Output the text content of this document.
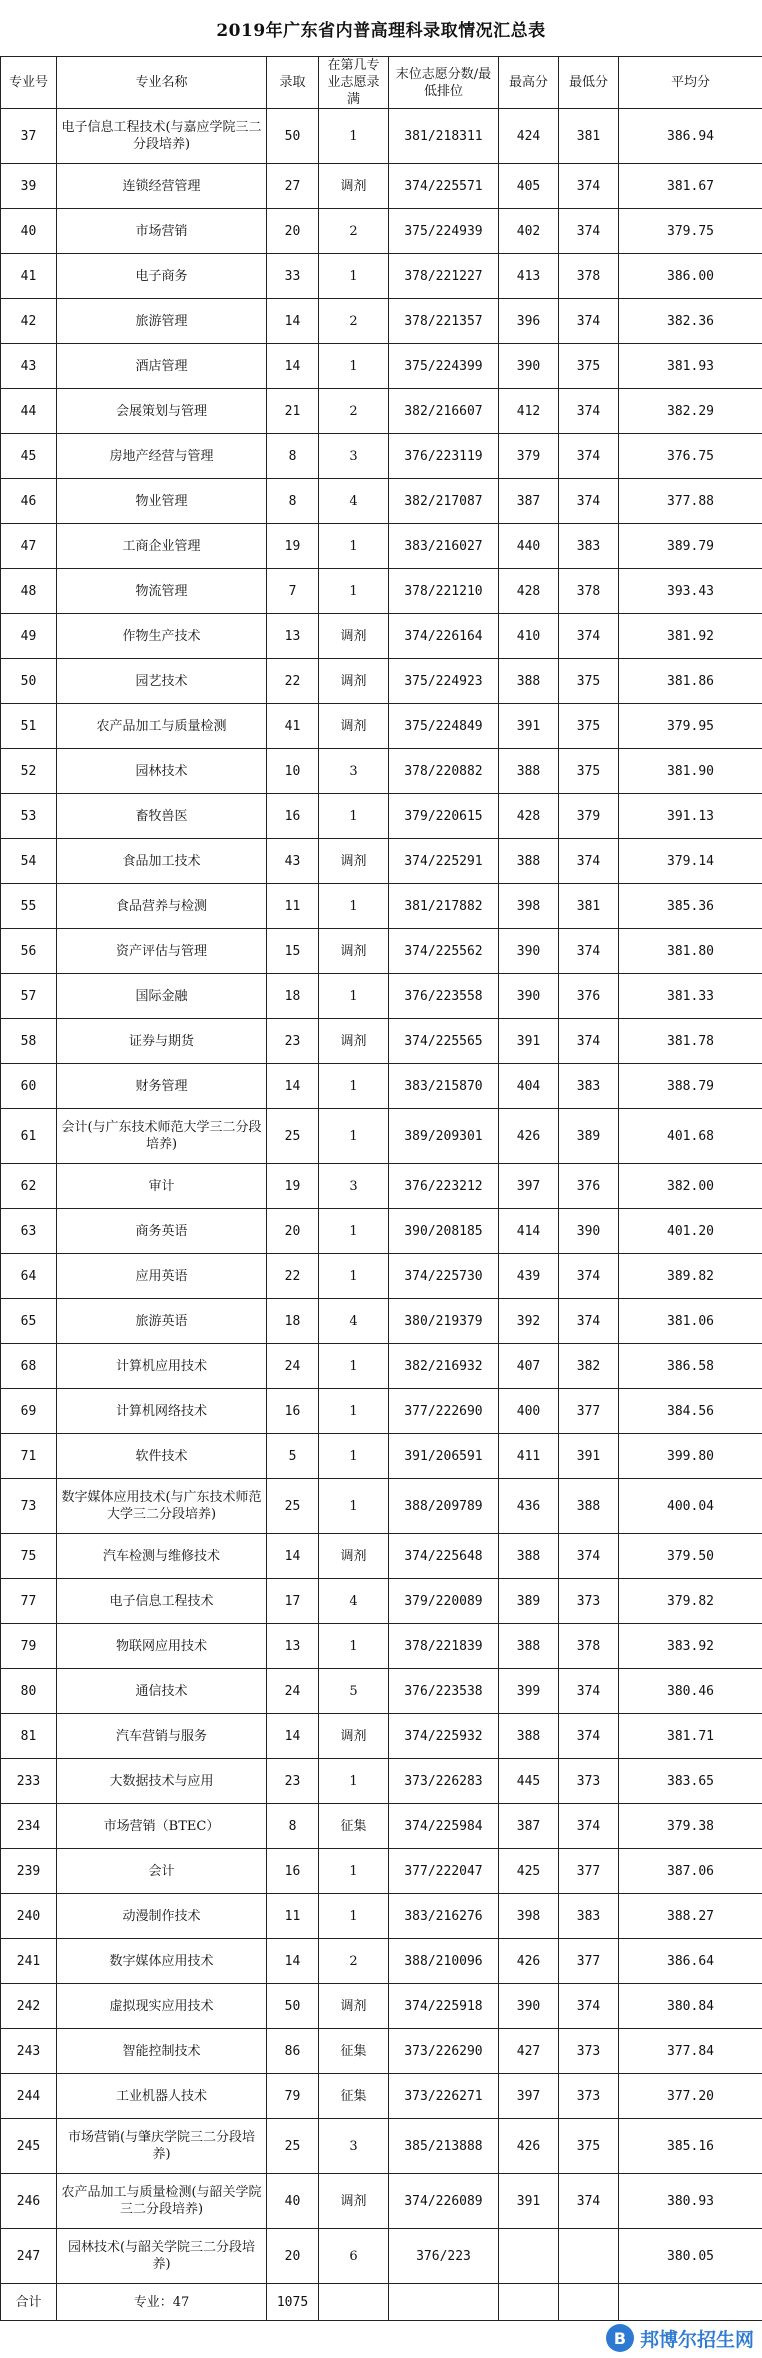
2019年广东省内普高理科录取情况汇总表
专业号	专业名称	录取	在第几专业志愿录满	末位志愿分数/最低排位	最高分	最低分	平均分
37	电子信息工程技术(与嘉应学院三二分段培养)	50	1	381/218311	424	381	386.94
39	连锁经营管理	27	调剂	374/225571	405	374	381.67
40	市场营销	20	2	375/224939	402	374	379.75
41	电子商务	33	1	378/221227	413	378	386.00
42	旅游管理	14	2	378/221357	396	374	382.36
43	酒店管理	14	1	375/224399	390	375	381.93
44	会展策划与管理	21	2	382/216607	412	374	382.29
45	房地产经营与管理	8	3	376/223119	379	374	376.75
46	物业管理	8	4	382/217087	387	374	377.88
47	工商企业管理	19	1	383/216027	440	383	389.79
48	物流管理	7	1	378/221210	428	378	393.43
49	作物生产技术	13	调剂	374/226164	410	374	381.92
50	园艺技术	22	调剂	375/224923	388	375	381.86
51	农产品加工与质量检测	41	调剂	375/224849	391	375	379.95
52	园林技术	10	3	378/220882	388	375	381.90
53	畜牧兽医	16	1	379/220615	428	379	391.13
54	食品加工技术	43	调剂	374/225291	388	374	379.14
55	食品营养与检测	11	1	381/217882	398	381	385.36
56	资产评估与管理	15	调剂	374/225562	390	374	381.80
57	国际金融	18	1	376/223558	390	376	381.33
58	证券与期货	23	调剂	374/225565	391	374	381.78
60	财务管理	14	1	383/215870	404	383	388.79
61	会计(与广东技术师范大学三二分段培养)	25	1	389/209301	426	389	401.68
62	审计	19	3	376/223212	397	376	382.00
63	商务英语	20	1	390/208185	414	390	401.20
64	应用英语	22	1	374/225730	439	374	389.82
65	旅游英语	18	4	380/219379	392	374	381.06
68	计算机应用技术	24	1	382/216932	407	382	386.58
69	计算机网络技术	16	1	377/222690	400	377	384.56
71	软件技术	5	1	391/206591	411	391	399.80
73	数字媒体应用技术(与广东技术师范大学三二分段培养)	25	1	388/209789	436	388	400.04
75	汽车检测与维修技术	14	调剂	374/225648	388	374	379.50
77	电子信息工程技术	17	4	379/220089	389	373	379.82
79	物联网应用技术	13	1	378/221839	388	378	383.92
80	通信技术	24	5	376/223538	399	374	380.46
81	汽车营销与服务	14	调剂	374/225932	388	374	381.71
233	大数据技术与应用	23	1	373/226283	445	373	383.65
234	市场营销（BTEC）	8	征集	374/225984	387	374	379.38
239	会计	16	1	377/222047	425	377	387.06
240	动漫制作技术	11	1	383/216276	398	383	388.27
241	数字媒体应用技术	14	2	388/210096	426	377	386.64
242	虚拟现实应用技术	50	调剂	374/225918	390	374	380.84
243	智能控制技术	86	征集	373/226290	427	373	377.84
244	工业机器人技术	79	征集	373/226271	397	373	377.20
245	市场营销(与肇庆学院三二分段培养)	25	3	385/213888	426	375	385.16
246	农产品加工与质量检测(与韶关学院三二分段培养)	40	调剂	374/226089	391	374	380.93
247	园林技术(与韶关学院三二分段培养)	20	6	376/223			380.05
合计	专业：47	1075					
B 邦博尔招生网
